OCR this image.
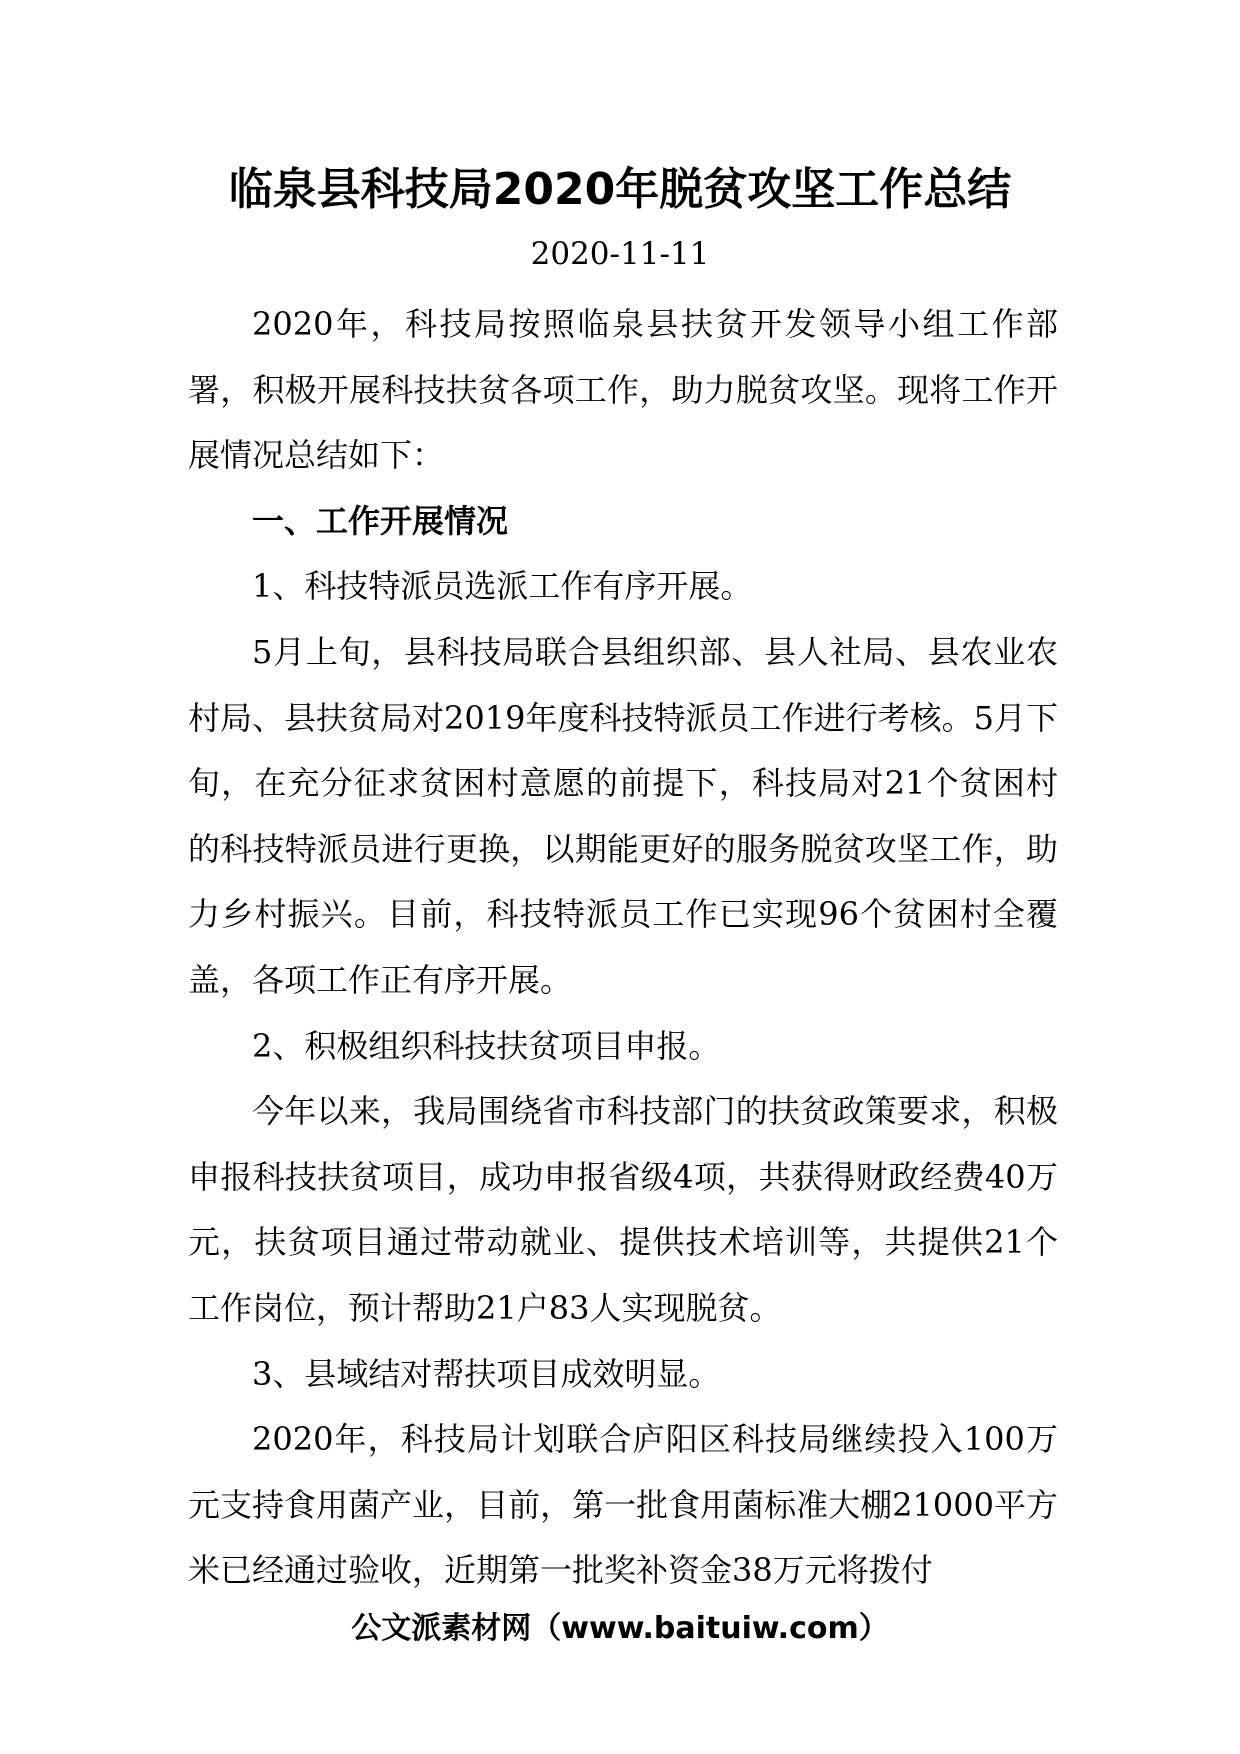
临泉县科技局2020年脱贫攻坚工作总结

2020-11-11

2020年，科技局按照临泉县扶贫开发领导小组工作部署，积极开展科技扶贫各项工作，助力脱贫攻坚。现将工作开展情况总结如下：

一、工作开展情况

1、科技特派员选派工作有序开展。

5月上旬，县科技局联合县组织部、县人社局、县农业农村局、县扶贫局对2019年度科技特派员工作进行考核。5月下旬，在充分征求贫困村意愿的前提下，科技局对21个贫困村的科技特派员进行更换，以期能更好的服务脱贫攻坚工作，助力乡村振兴。目前，科技特派员工作已实现96个贫困村全覆盖，各项工作正有序开展。

2、积极组织科技扶贫项目申报。

今年以来，我局围绕省市科技部门的扶贫政策要求，积极申报科技扶贫项目，成功申报省级4项，共获得财政经费40万元，扶贫项目通过带动就业、提供技术培训等，共提供21个工作岗位，预计帮助21户83人实现脱贫。

3、县域结对帮扶项目成效明显。

2020年，科技局计划联合庐阳区科技局继续投入100万元支持食用菌产业，目前，第一批食用菌标准大棚21000平方米已经通过验收，近期第一批奖补资金38万元将拨付

公文派素材网（www.baituiw.com）
